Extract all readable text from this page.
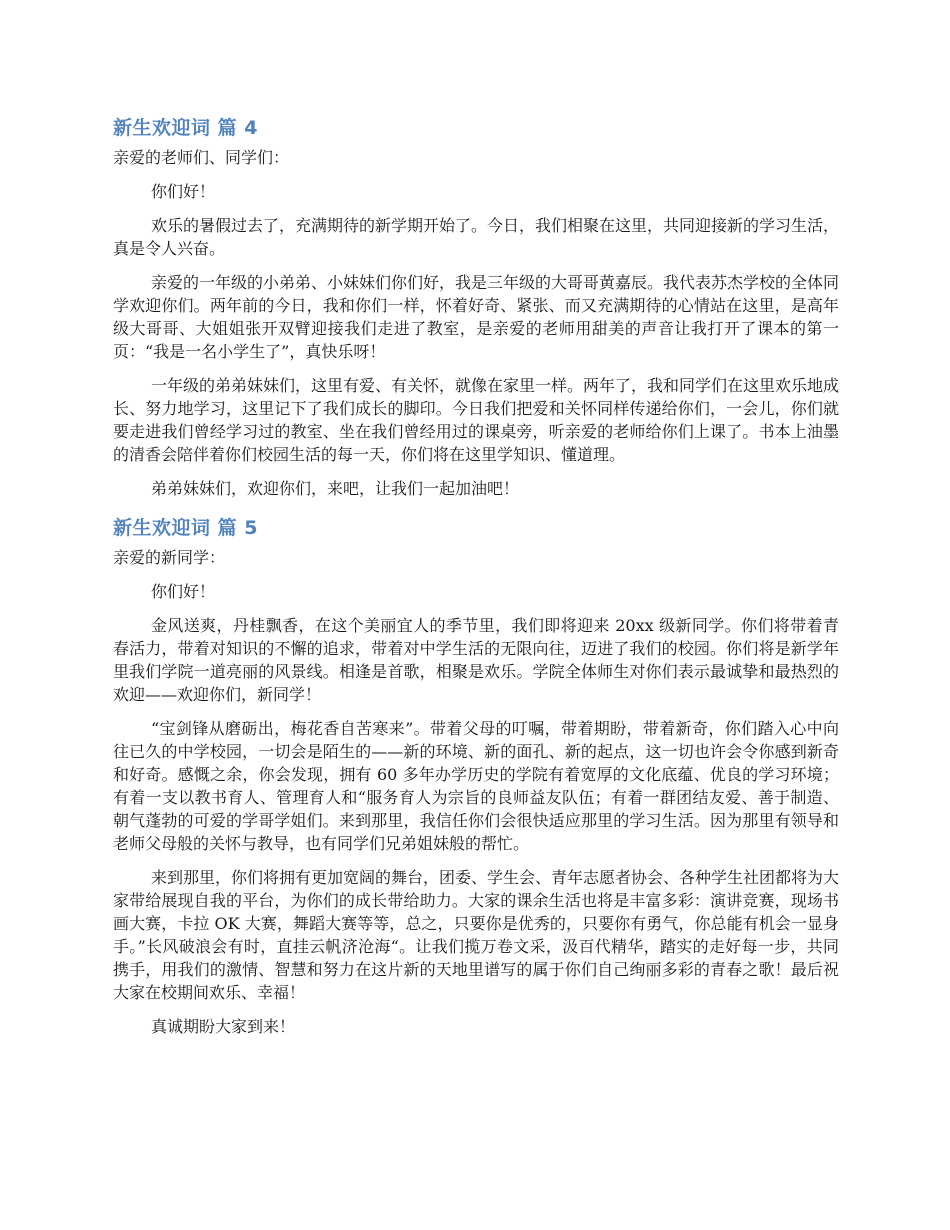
新生欢迎词 篇 4

亲爱的老师们、同学们：

你们好！

欢乐的暑假过去了，充满期待的新学期开始了。今日，我们相聚在这里，共同迎接新的学习生活，真是令人兴奋。

亲爱的一年级的小弟弟、小妹妹们你们好，我是三年级的大哥哥黄嘉辰。我代表苏杰学校的全体同学欢迎你们。两年前的今日，我和你们一样，怀着好奇、紧张、而又充满期待的心情站在这里，是高年级大哥哥、大姐姐张开双臂迎接我们走进了教室，是亲爱的老师用甜美的声音让我打开了课本的第一页：“我是一名小学生了”，真快乐呀！

一年级的弟弟妹妹们，这里有爱、有关怀，就像在家里一样。两年了，我和同学们在这里欢乐地成长、努力地学习，这里记下了我们成长的脚印。今日我们把爱和关怀同样传递给你们，一会儿，你们就要走进我们曾经学习过的教室、坐在我们曾经用过的课桌旁，听亲爱的老师给你们上课了。书本上油墨的清香会陪伴着你们校园生活的每一天，你们将在这里学知识、懂道理。

弟弟妹妹们，欢迎你们，来吧，让我们一起加油吧！

新生欢迎词 篇 5

亲爱的新同学：

你们好！

金风送爽，丹桂飘香，在这个美丽宜人的季节里，我们即将迎来 20xx 级新同学。你们将带着青春活力，带着对知识的不懈的追求，带着对中学生活的无限向往，迈进了我们的校园。你们将是新学年里我们学院一道亮丽的风景线。相逢是首歌，相聚是欢乐。学院全体师生对你们表示最诚挚和最热烈的欢迎——欢迎你们，新同学！

“宝剑锋从磨砺出，梅花香自苦寒来”。带着父母的叮嘱，带着期盼，带着新奇，你们踏入心中向往已久的中学校园，一切会是陌生的——新的环境、新的面孔、新的起点，这一切也许会令你感到新奇和好奇。感慨之余，你会发现，拥有 60 多年办学历史的学院有着宽厚的文化底蕴、优良的学习环境；有着一支以教书育人、管理育人和“服务育人为宗旨的良师益友队伍；有着一群团结友爱、善于制造、朝气蓬勃的可爱的学哥学姐们。来到那里，我信任你们会很快适应那里的学习生活。因为那里有领导和老师父母般的关怀与教导，也有同学们兄弟姐妹般的帮忙。

来到那里，你们将拥有更加宽阔的舞台，团委、学生会、青年志愿者协会、各种学生社团都将为大家带给展现自我的平台，为你们的成长带给助力。大家的课余生活也将是丰富多彩：演讲竞赛，现场书画大赛，卡拉 OK 大赛，舞蹈大赛等等，总之，只要你是优秀的，只要你有勇气，你总能有机会一显身手。”长风破浪会有时，直挂云帆济沧海“。让我们揽万卷文采，汲百代精华，踏实的走好每一步，共同携手，用我们的激情、智慧和努力在这片新的天地里谱写的属于你们自己绚丽多彩的青春之歌！最后祝大家在校期间欢乐、幸福！

真诚期盼大家到来！
